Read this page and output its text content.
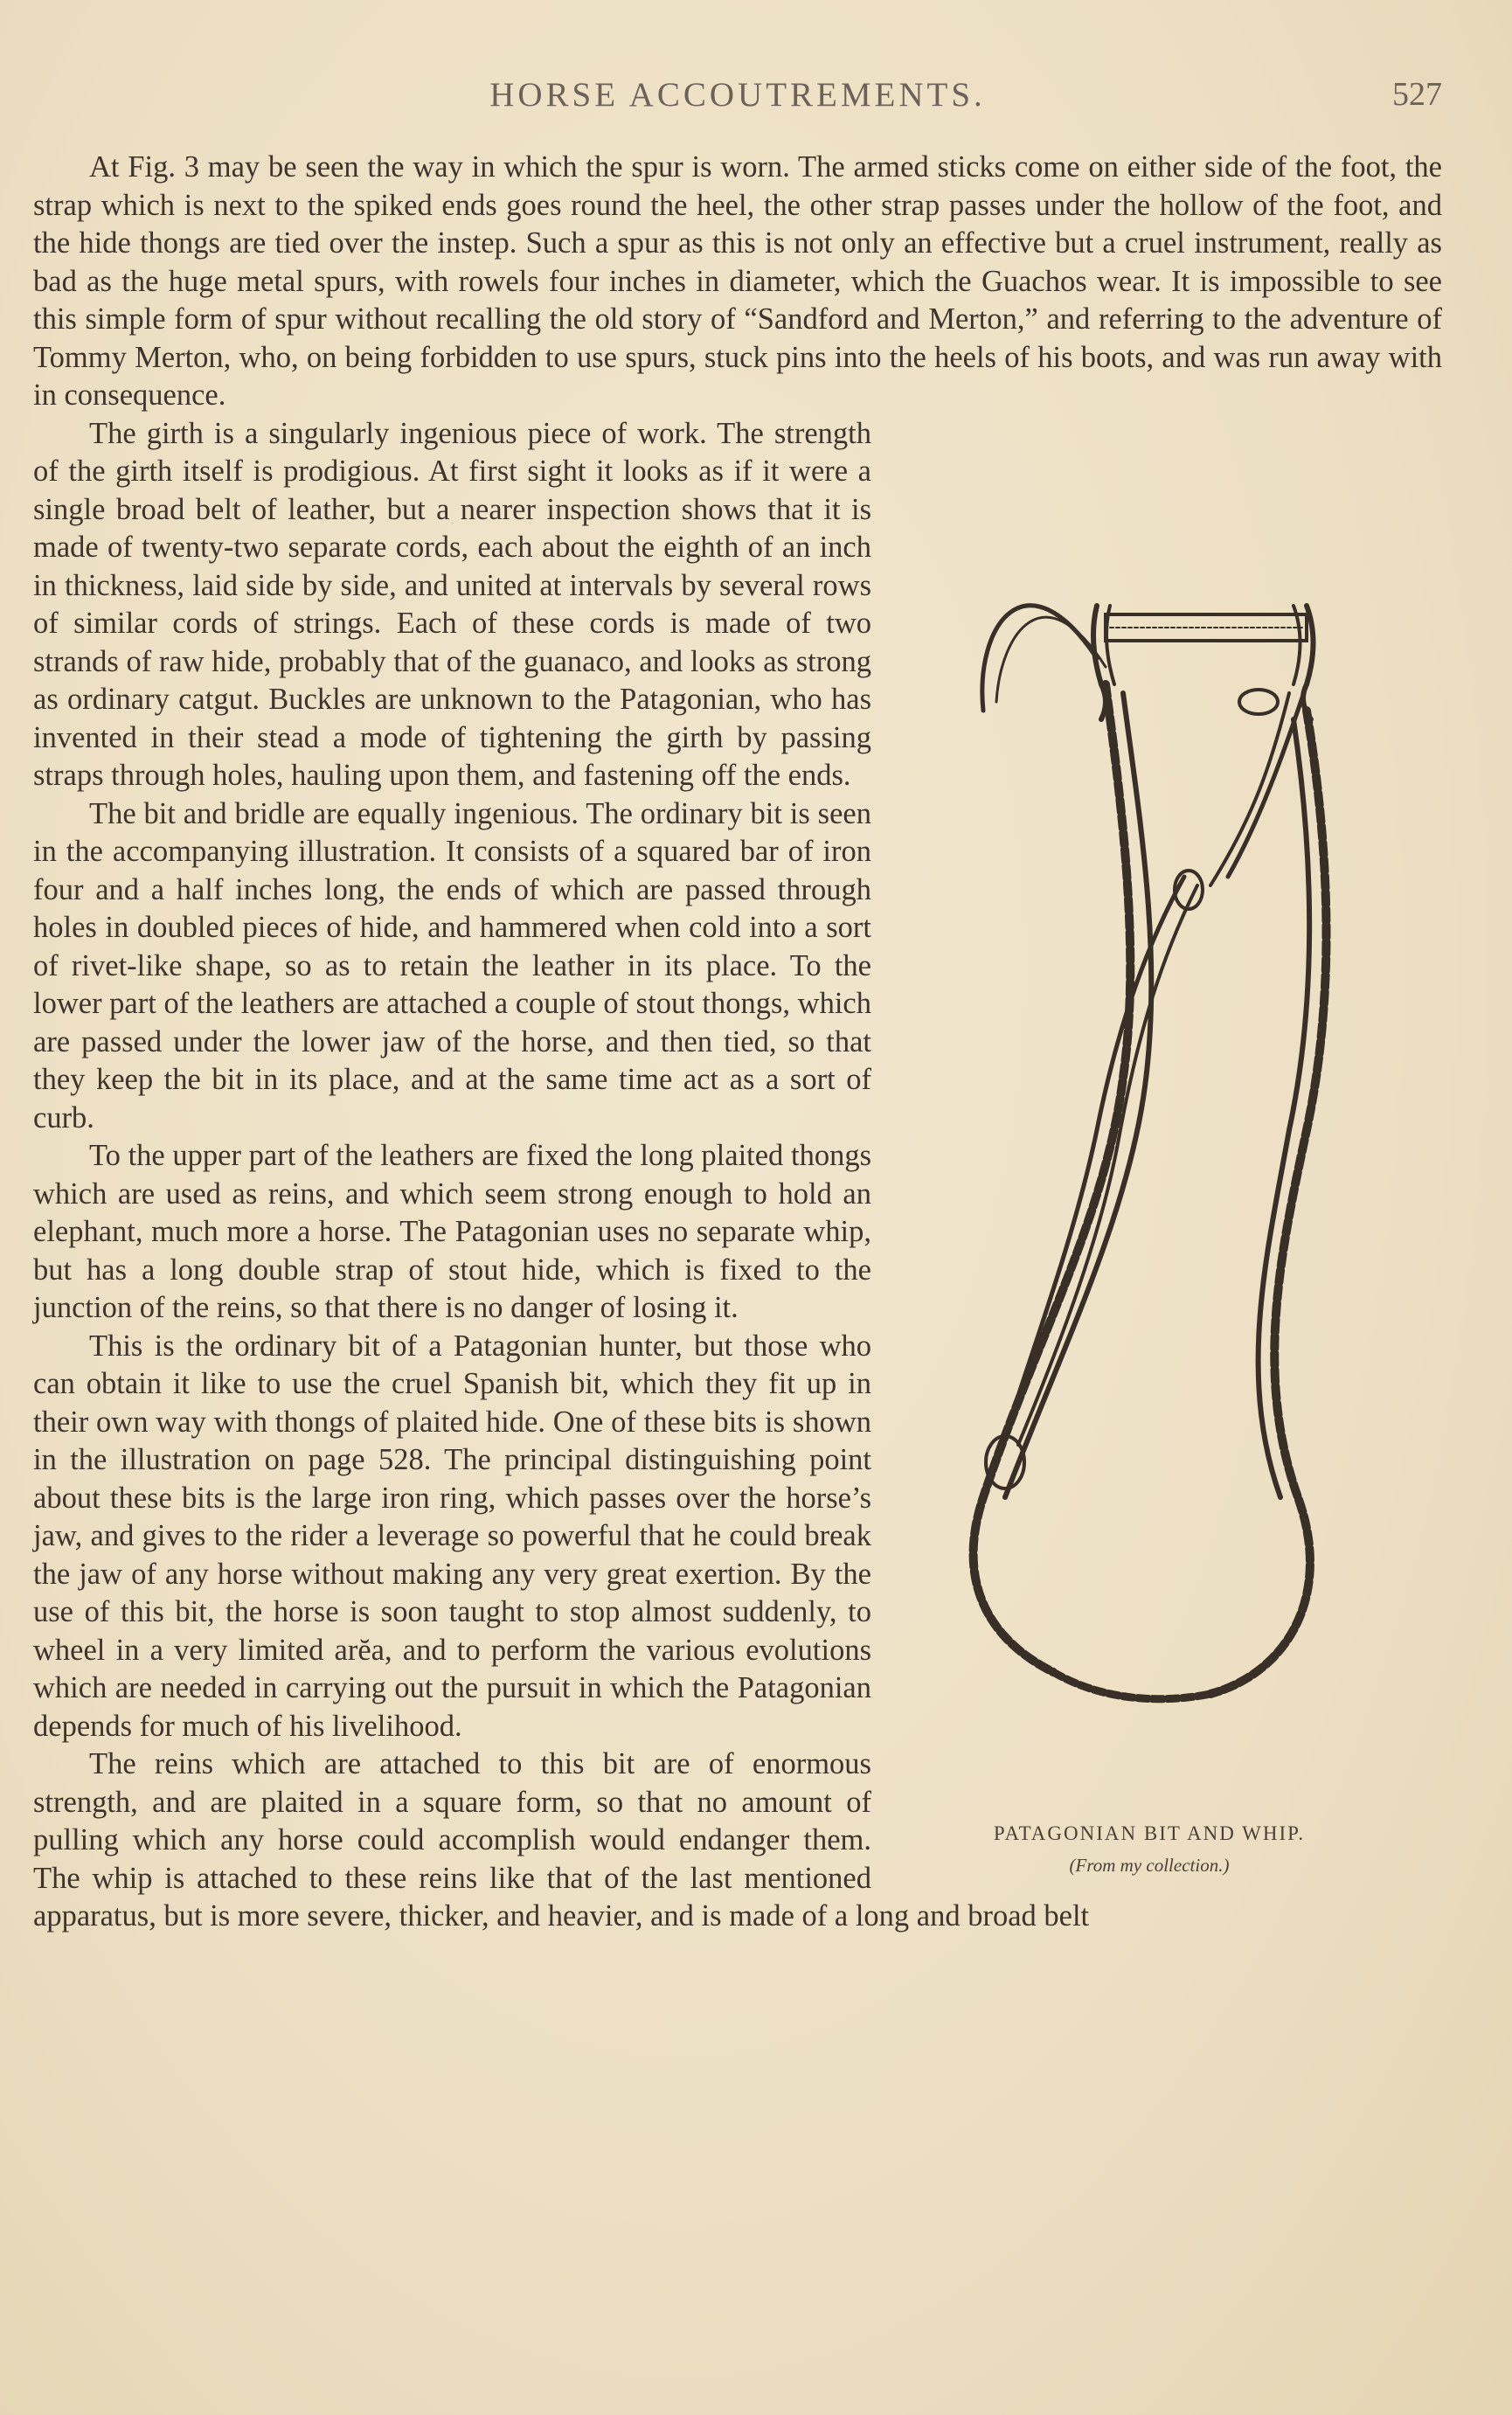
HORSE ACCOUTREMENTS.	527

At Fig. 3 may be seen the way in which the spur is worn. The armed sticks come on either side of the foot, the strap which is next to the spiked ends goes round the heel, the other strap passes under the hollow of the foot, and the hide thongs are tied over the instep. Such a spur as this is not only an effective but a cruel instrument, really as bad as the huge metal spurs, with rowels four inches in diameter, which the Guachos wear. It is impossible to see this simple form of spur without recalling the old story of “Sandford and Merton,” and referring to the adventure of Tommy Merton, who, on being forbidden to use spurs, stuck pins into the heels of his boots, and was run away with in consequence.

PATAGONIAN BIT AND WHIP.
(From my collection.)

The girth is a singularly ingenious piece of work. The strength of the girth itself is prodigious. At first sight it looks as if it were a single broad belt of leather, but a nearer inspection shows that it is made of twenty-two separate cords, each about the eighth of an inch in thickness, laid side by side, and united at intervals by several rows of similar cords of strings. Each of these cords is made of two strands of raw hide, probably that of the guanaco, and looks as strong as ordinary catgut. Buckles are unknown to the Patagonian, who has invented in their stead a mode of tightening the girth by passing straps through holes, hauling upon them, and fastening off the ends.

The bit and bridle are equally ingenious. The ordinary bit is seen in the accompanying illustration. It consists of a squared bar of iron four and a half inches long, the ends of which are passed through holes in doubled pieces of hide, and hammered when cold into a sort of rivet-like shape, so as to retain the leather in its place. To the lower part of the leathers are attached a couple of stout thongs, which are passed under the lower jaw of the horse, and then tied, so that they keep the bit in its place, and at the same time act as a sort of curb.

To the upper part of the leathers are fixed the long plaited thongs which are used as reins, and which seem strong enough to hold an elephant, much more a horse. The Patagonian uses no separate whip, but has a long double strap of stout hide, which is fixed to the junction of the reins, so that there is no danger of losing it.

This is the ordinary bit of a Patagonian hunter, but those who can obtain it like to use the cruel Spanish bit, which they fit up in their own way with thongs of plaited hide. One of these bits is shown in the illustration on page 528. The principal distinguishing point about these bits is the large iron ring, which passes over the horse’s jaw, and gives to the rider a leverage so powerful that he could break the jaw of any horse without making any very great exertion. By the use of this bit, the horse is soon taught to stop almost suddenly, to wheel in a very limited arĕa, and to perform the various evolutions which are needed in carrying out the pursuit in which the Patagonian depends for much of his livelihood.

The reins which are attached to this bit are of enormous strength, and are plaited in a square form, so that no amount of pulling which any horse could accomplish would endanger them. The whip is attached to these reins like that of the last mentioned apparatus, but is more severe, thicker, and heavier, and is made of a long and broad belt
